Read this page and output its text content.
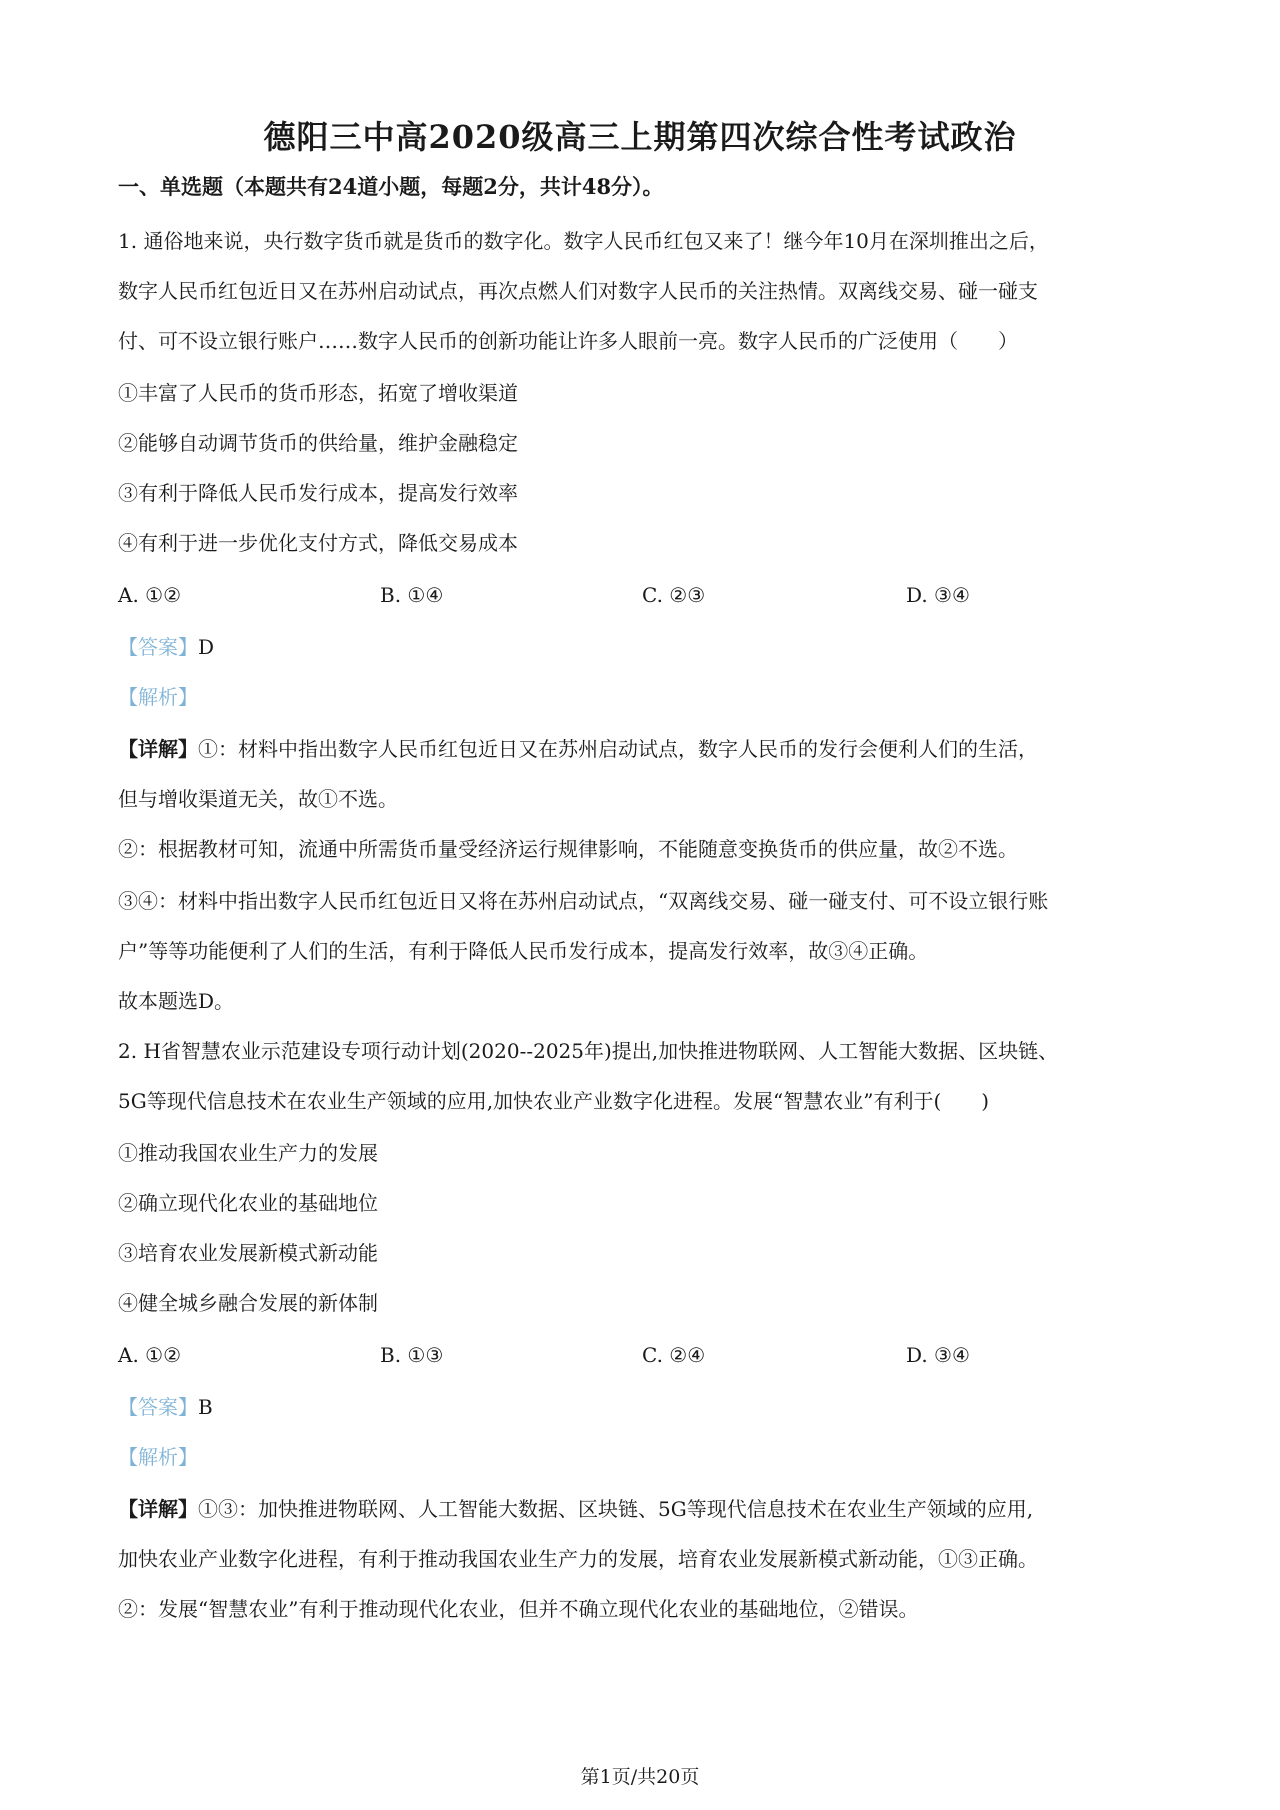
德阳三中高2020级高三上期第四次综合性考试政治
一、单选题（本题共有24道小题，每题2分，共计48分）。
1. 通俗地来说，央行数字货币就是货币的数字化。数字人民币红包又来了！继今年10月在深圳推出之后，
数字人民币红包近日又在苏州启动试点，再次点燃人们对数字人民币的关注热情。双离线交易、碰一碰支
付、可不设立银行账户……数字人民币的创新功能让许多人眼前一亮。数字人民币的广泛使用（　　）
①丰富了人民币的货币形态，拓宽了增收渠道
②能够自动调节货币的供给量，维护金融稳定
③有利于降低人民币发行成本，提高发行效率
④有利于进一步优化支付方式，降低交易成本
A. ①②	B. ①④	C. ②③	D. ③④
【答案】D
【解析】
【详解】①：材料中指出数字人民币红包近日又在苏州启动试点，数字人民币的发行会便利人们的生活，
但与增收渠道无关，故①不选。
②：根据教材可知，流通中所需货币量受经济运行规律影响，不能随意变换货币的供应量，故②不选。
③④：材料中指出数字人民币红包近日又将在苏州启动试点，“双离线交易、碰一碰支付、可不设立银行账
户”等等功能便利了人们的生活，有利于降低人民币发行成本，提高发行效率，故③④正确。
故本题选D。
2. H省智慧农业示范建设专项行动计划(2020--2025年)提出,加快推进物联网、人工智能大数据、区块链、
5G等现代信息技术在农业生产领域的应用,加快农业产业数字化进程。发展“智慧农业”有利于(　　)
①推动我国农业生产力的发展
②确立现代化农业的基础地位
③培育农业发展新模式新动能
④健全城乡融合发展的新体制
A. ①②	B. ①③	C. ②④	D. ③④
【答案】B
【解析】
【详解】①③：加快推进物联网、人工智能大数据、区块链、5G等现代信息技术在农业生产领域的应用,
加快农业产业数字化进程，有利于推动我国农业生产力的发展，培育农业发展新模式新动能，①③正确。
②：发展“智慧农业”有利于推动现代化农业，但并不确立现代化农业的基础地位，②错误。
第1页/共20页
